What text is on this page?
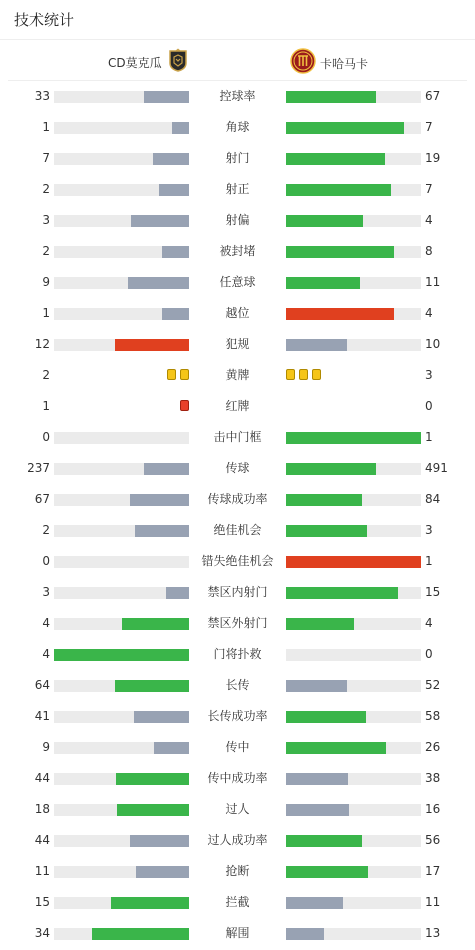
技术统计
CD莫克瓜	卡哈马卡
33	控球率	67
1	角球	7
7	射门	19
2	射正	7
3	射偏	4
2	被封堵	8
9	任意球	11
1	越位	4
12	犯规	10
2	黄牌	3
1	红牌	0
0	击中门框	1
237	传球	491
67	传球成功率	84
2	绝佳机会	3
0	错失绝佳机会	1
3	禁区内射门	15
4	禁区外射门	4
4	门将扑救	0
64	长传	52
41	长传成功率	58
9	传中	26
44	传中成功率	38
18	过人	16
44	过人成功率	56
11	抢断	17
15	拦截	11
34	解围	13
